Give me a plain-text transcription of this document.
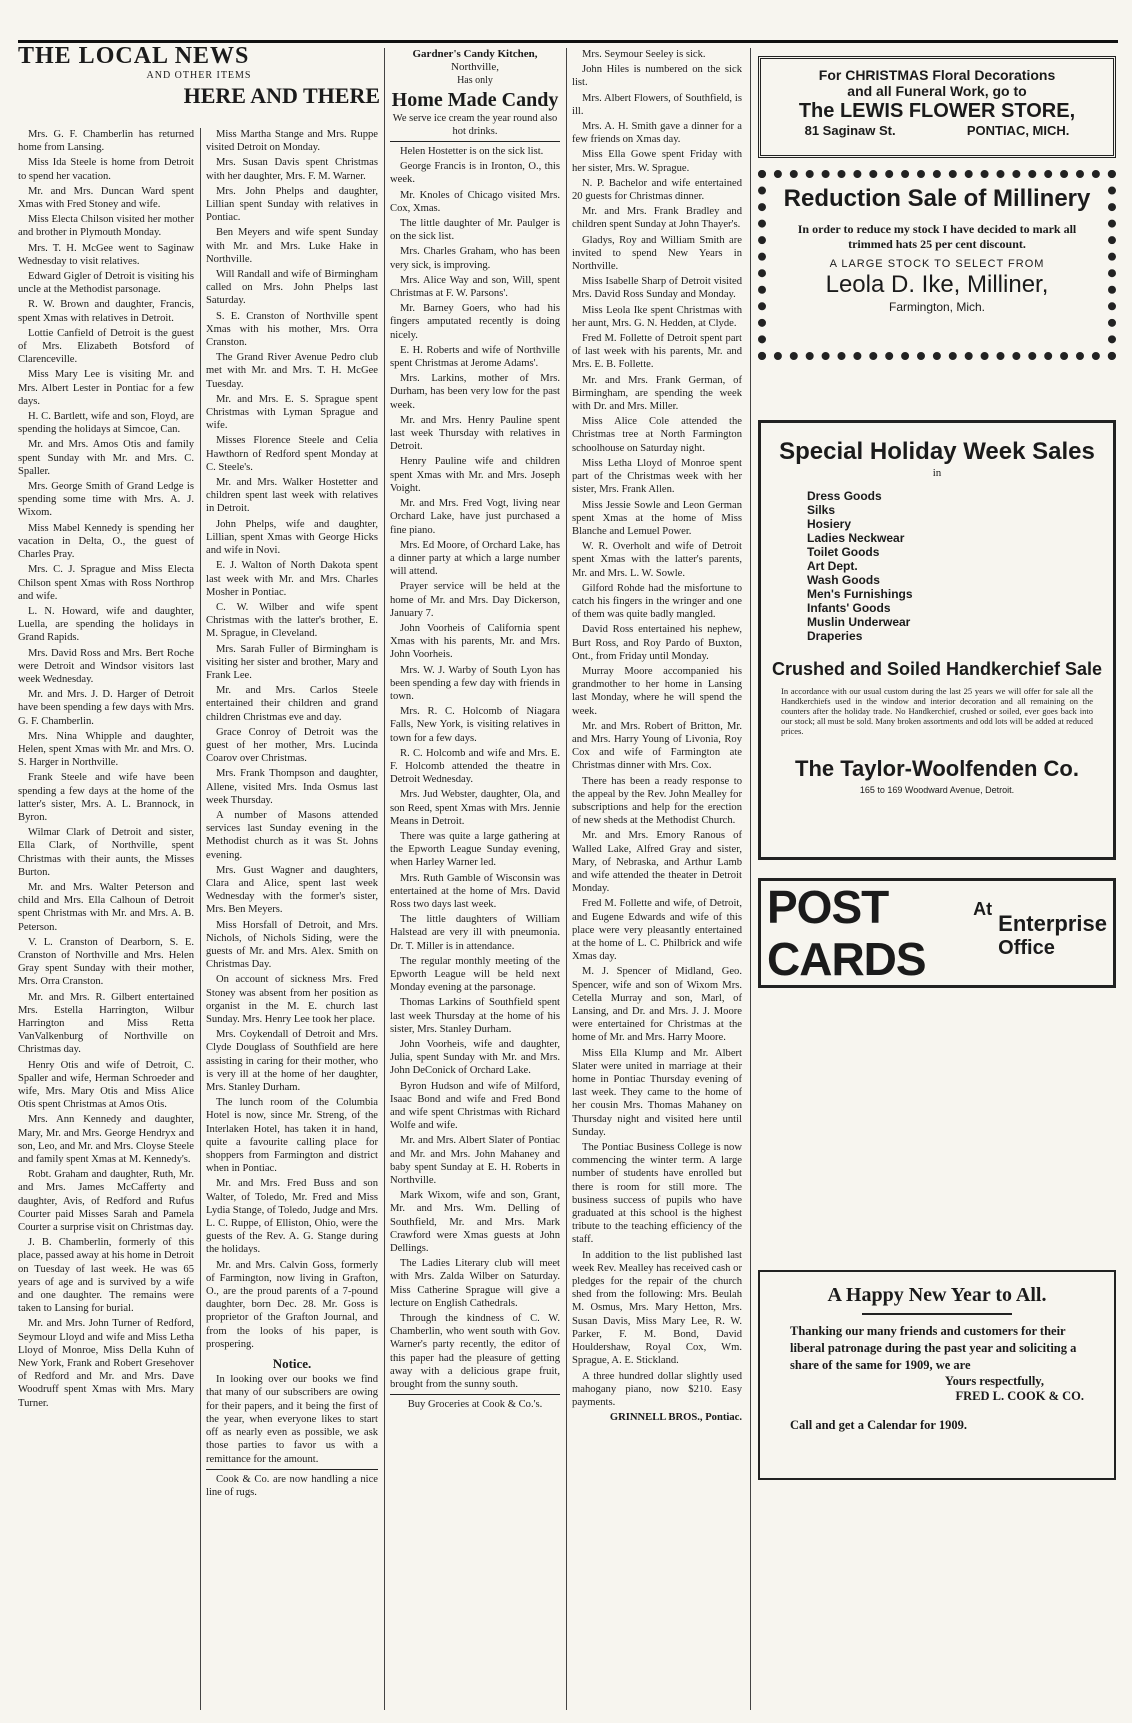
THE LOCAL NEWS

AND OTHER ITEMS

HERE AND THERE

Mrs. G. F. Chamberlin has returned home from Lansing.

Miss Ida Steele is home from Detroit to spend her vacation.

Mr. and Mrs. Duncan Ward spent Xmas with Fred Stoney and wife.

Miss Electa Chilson visited her mother and brother in Plymouth Monday.

Mrs. T. H. McGee went to Saginaw Wednesday to visit relatives.

Edward Gigler of Detroit is visiting his uncle at the Methodist parsonage.

R. W. Brown and daughter, Francis, spent Xmas with relatives in Detroit.

Lottie Canfield of Detroit is the guest of Mrs. Elizabeth Botsford of Clarenceville.

Miss Mary Lee is visiting Mr. and Mrs. Albert Lester in Pontiac for a few days.

H. C. Bartlett, wife and son, Floyd, are spending the holidays at Simcoe, Can.

Mr. and Mrs. Amos Otis and family spent Sunday with Mr. and Mrs. C. Spaller.

Mrs. George Smith of Grand Ledge is spending some time with Mrs. A. J. Wixom.

Miss Mabel Kennedy is spending her vacation in Delta, O., the guest of Charles Pray.

Mrs. C. J. Sprague and Miss Electa Chilson spent Xmas with Ross Northrop and wife.

L. N. Howard, wife and daughter, Luella, are spending the holidays in Grand Rapids.

Mrs. David Ross and Mrs. Bert Roche were Detroit and Windsor visitors last week Wednesday.

Mr. and Mrs. J. D. Harger of Detroit have been spending a few days with Mrs. G. F. Chamberlin.

Mrs. Nina Whipple and daughter, Helen, spent Xmas with Mr. and Mrs. O. S. Harger in Northville.

Frank Steele and wife have been spending a few days at the home of the latter's sister, Mrs. A. L. Brannock, in Byron.

Wilmar Clark of Detroit and sister, Ella Clark, of Northville, spent Christmas with their aunts, the Misses Burton.

Mr. and Mrs. Walter Peterson and child and Mrs. Ella Calhoun of Detroit spent Christmas with Mr. and Mrs. A. B. Peterson.

V. L. Cranston of Dearborn, S. E. Cranston of Northville and Mrs. Helen Gray spent Sunday with their mother, Mrs. Orra Cranston.

Mr. and Mrs. R. Gilbert entertained Mrs. Estella Harrington, Wilbur Harrington and Miss Retta VanValkenburg of Northville on Christmas day.

Henry Otis and wife of Detroit, C. Spaller and wife, Herman Schroeder and wife, Mrs. Mary Otis and Miss Alice Otis spent Christmas at Amos Otis.

Mrs. Ann Kennedy and daughter, Mary, Mr. and Mrs. George Hendryx and son, Leo, and Mr. and Mrs. Cloyse Steele and family spent Xmas at M. Kennedy's.

Robt. Graham and daughter, Ruth, Mr. and Mrs. James McCafferty and daughter, Avis, of Redford and Rufus Courter paid Misses Sarah and Pamela Courter a surprise visit on Christmas day.

J. B. Chamberlin, formerly of this place, passed away at his home in Detroit on Tuesday of last week. He was 65 years of age and is survived by a wife and one daughter. The remains were taken to Lansing for burial.

Mr. and Mrs. John Turner of Redford, Seymour Lloyd and wife and Miss Letha Lloyd of Monroe, Miss Della Kuhn of New York, Frank and Robert Gresehover of Redford and Mr. and Mrs. Dave Woodruff spent Xmas with Mrs. Mary Turner.

Miss Martha Stange and Mrs. Ruppe visited Detroit on Monday.

Mrs. Susan Davis spent Christmas with her daughter, Mrs. F. M. Warner.

Mrs. John Phelps and daughter, Lillian spent Sunday with relatives in Pontiac.

Ben Meyers and wife spent Sunday with Mr. and Mrs. Luke Hake in Northville.

Will Randall and wife of Birmingham called on Mrs. John Phelps last Saturday.

S. E. Cranston of Northville spent Xmas with his mother, Mrs. Orra Cranston.

The Grand River Avenue Pedro club met with Mr. and Mrs. T. H. McGee Tuesday.

Mr. and Mrs. E. S. Sprague spent Christmas with Lyman Sprague and wife.

Misses Florence Steele and Celia Hawthorn of Redford spent Monday at C. Steele's.

Mr. and Mrs. Walker Hostetter and children spent last week with relatives in Detroit.

John Phelps, wife and daughter, Lillian, spent Xmas with George Hicks and wife in Novi.

E. J. Walton of North Dakota spent last week with Mr. and Mrs. Charles Mosher in Pontiac.

C. W. Wilber and wife spent Christmas with the latter's brother, E. M. Sprague, in Cleveland.

Mrs. Sarah Fuller of Birmingham is visiting her sister and brother, Mary and Frank Lee.

Mr. and Mrs. Carlos Steele entertained their children and grand children Christmas eve and day.

Grace Conroy of Detroit was the guest of her mother, Mrs. Lucinda Coarov over Christmas.

Mrs. Frank Thompson and daughter, Allene, visited Mrs. Inda Osmus last week Thursday.

A number of Masons attended services last Sunday evening in the Methodist church as it was St. Johns evening.

Mrs. Gust Wagner and daughters, Clara and Alice, spent last week Wednesday with the former's sister, Mrs. Ben Meyers.

Miss Horsfall of Detroit, and Mrs. Nichols, of Nichols Siding, were the guests of Mr. and Mrs. Alex. Smith on Christmas Day.

On account of sickness Mrs. Fred Stoney was absent from her position as organist in the M. E. church last Sunday. Mrs. Henry Lee took her place.

Mrs. Coykendall of Detroit and Mrs. Clyde Douglass of Southfield are here assisting in caring for their mother, who is very ill at the home of her daughter, Mrs. Stanley Durham.

The lunch room of the Columbia Hotel is now, since Mr. Streng, of the Interlaken Hotel, has taken it in hand, quite a favourite calling place for shoppers from Farmington and district when in Pontiac.

Mr. and Mrs. Fred Buss and son Walter, of Toledo, Mr. Fred and Miss Lydia Stange, of Toledo, Judge and Mrs. L. C. Ruppe, of Elliston, Ohio, were the guests of the Rev. A. G. Stange during the holidays.

Mr. and Mrs. Calvin Goss, formerly of Farmington, now living in Grafton, O., are the proud parents of a 7-pound daughter, born Dec. 28. Mr. Goss is proprietor of the Grafton Journal, and from the looks of his paper, is prospering.

Notice.

In looking over our books we find that many of our subscribers are owing for their papers, and it being the first of the year, when everyone likes to start off as nearly even as possible, we ask those parties to favor us with a remittance for the amount.

Cook & Co. are now handling a nice line of rugs.

Gardner's Candy Kitchen,
Northville,
Has only
Home Made Candy
We serve ice cream the year round also hot drinks.

Helen Hostetter is on the sick list.

George Francis is in Ironton, O., this week.

Mr. Knoles of Chicago visited Mrs. Cox, Xmas.

The little daughter of Mr. Paulger is on the sick list.

Mrs. Charles Graham, who has been very sick, is improving.

Mrs. Alice Way and son, Will, spent Christmas at F. W. Parsons'.

Mr. Barney Goers, who had his fingers amputated recently is doing nicely.

E. H. Roberts and wife of Northville spent Christmas at Jerome Adams'.

Mrs. Larkins, mother of Mrs. Durham, has been very low for the past week.

Mr. and Mrs. Henry Pauline spent last week Thursday with relatives in Detroit.

Henry Pauline wife and children spent Xmas with Mr. and Mrs. Joseph Voight.

Mr. and Mrs. Fred Vogt, living near Orchard Lake, have just purchased a fine piano.

Mrs. Ed Moore, of Orchard Lake, has a dinner party at which a large number will attend.

Prayer service will be held at the home of Mr. and Mrs. Day Dickerson, January 7.

John Voorheis of California spent Xmas with his parents, Mr. and Mrs. John Voorheis.

Mrs. W. J. Warby of South Lyon has been spending a few day with friends in town.

Mrs. R. C. Holcomb of Niagara Falls, New York, is visiting relatives in town for a few days.

R. C. Holcomb and wife and Mrs. E. F. Holcomb attended the theatre in Detroit Wednesday.

Mrs. Jud Webster, daughter, Ola, and son Reed, spent Xmas with Mrs. Jennie Means in Detroit.

There was quite a large gathering at the Epworth League Sunday evening, when Harley Warner led.

Mrs. Ruth Gamble of Wisconsin was entertained at the home of Mrs. David Ross two days last week.

The little daughters of William Halstead are very ill with pneumonia. Dr. T. Miller is in attendance.

The regular monthly meeting of the Epworth League will be held next Monday evening at the parsonage.

Thomas Larkins of Southfield spent last week Thursday at the home of his sister, Mrs. Stanley Durham.

John Voorheis, wife and daughter, Julia, spent Sunday with Mr. and Mrs. John DeConick of Orchard Lake.

Byron Hudson and wife of Milford, Isaac Bond and wife and Fred Bond and wife spent Christmas with Richard Wolfe and wife.

Mr. and Mrs. Albert Slater of Pontiac and Mr. and Mrs. John Mahaney and baby spent Sunday at E. H. Roberts in Northville.

Mark Wixom, wife and son, Grant, Mr. and Mrs. Wm. Delling of Southfield, Mr. and Mrs. Mark Crawford were Xmas guests at John Dellings.

The Ladies Literary club will meet with Mrs. Zalda Wilber on Saturday. Miss Catherine Sprague will give a lecture on English Cathedrals.

Through the kindness of C. W. Chamberlin, who went south with Gov. Warner's party recently, the editor of this paper had the pleasure of getting away with a delicious grape fruit, brought from the sunny south.

Buy Groceries at Cook & Co.'s.

Mrs. Seymour Seeley is sick.

John Hiles is numbered on the sick list.

Mrs. Albert Flowers, of Southfield, is ill.

Mrs. A. H. Smith gave a dinner for a few friends on Xmas day.

Miss Ella Gowe spent Friday with her sister, Mrs. W. Sprague.

N. P. Bachelor and wife entertained 20 guests for Christmas dinner.

Mr. and Mrs. Frank Bradley and children spent Sunday at John Thayer's.

Gladys, Roy and William Smith are invited to spend New Years in Northville.

Miss Isabelle Sharp of Detroit visited Mrs. David Ross Sunday and Monday.

Miss Leola Ike spent Christmas with her aunt, Mrs. G. N. Hedden, at Clyde.

Fred M. Follette of Detroit spent part of last week with his parents, Mr. and Mrs. E. B. Follette.

Mr. and Mrs. Frank German, of Birmingham, are spending the week with Dr. and Mrs. Miller.

Miss Alice Cole attended the Christmas tree at North Farmington schoolhouse on Saturday night.

Miss Letha Lloyd of Monroe spent part of the Christmas week with her sister, Mrs. Frank Allen.

Miss Jessie Sowle and Leon German spent Xmas at the home of Miss Blanche and Lemuel Power.

W. R. Overholt and wife of Detroit spent Xmas with the latter's parents, Mr. and Mrs. L. W. Sowle.

Gilford Rohde had the misfortune to catch his fingers in the wringer and one of them was quite badly mangled.

David Ross entertained his nephew, Burt Ross, and Roy Pardo of Buxton, Ont., from Friday until Monday.

Murray Moore accompanied his grandmother to her home in Lansing last Monday, where he will spend the week.

Mr. and Mrs. Robert of Britton, Mr. and Mrs. Harry Young of Livonia, Roy Cox and wife of Farmington ate Christmas dinner with Mrs. Cox.

There has been a ready response to the appeal by the Rev. John Mealley for subscriptions and help for the erection of new sheds at the Methodist Church.

Mr. and Mrs. Emory Ranous of Walled Lake, Alfred Gray and sister, Mary, of Nebraska, and Arthur Lamb and wife attended the theater in Detroit Monday.

Fred M. Follette and wife, of Detroit, and Eugene Edwards and wife of this place were very pleasantly entertained at the home of L. C. Philbrick and wife Xmas day.

M. J. Spencer of Midland, Geo. Spencer, wife and son of Wixom Mrs. Cetella Murray and son, Marl, of Lansing, and Dr. and Mrs. J. J. Moore were entertained for Christmas at the home of Mr. and Mrs. Harry Moore.

Miss Ella Klump and Mr. Albert Slater were united in marriage at their home in Pontiac Thursday evening of last week. They came to the home of her cousin Mrs. Thomas Mahaney on Thursday night and visited here until Sunday.

The Pontiac Business College is now commencing the winter term. A large number of students have enrolled but there is room for still more. The business success of pupils who have graduated at this school is the highest tribute to the teaching efficiency of the staff.

In addition to the list published last week Rev. Mealley has received cash or pledges for the repair of the church shed from the following: Mrs. Beulah M. Osmus, Mrs. Mary Hetton, Mrs. Susan Davis, Miss Mary Lee, R. W. Parker, F. M. Bond, David Houldershaw, Royal Cox, Wm. Sprague, A. E. Stickland.

A three hundred dollar slightly used mahogany piano, now $210. Easy payments.

GRINNELL BROS., Pontiac.

For CHRISTMAS Floral Decorations
and all Funeral Work, go to
The LEWIS FLOWER STORE,
81 Saginaw St.	PONTIAC, MICH.
Reduction Sale of Millinery
In order to reduce my stock I have decided to mark all trimmed hats 25 per cent discount.
A LARGE STOCK TO SELECT FROM
Leola D. Ike, Milliner,
Farmington, Mich.
Special Holiday Week Sales
in
Dress Goods
Silks
Hosiery
Ladies Neckwear
Toilet Goods
Art Dept.
Wash Goods
Men's Furnishings
Infants' Goods
Muslin Underwear
Draperies
Crushed and Soiled Handkerchief Sale
In accordance with our usual custom during the last 25 years we will offer for sale all the Handkerchiefs used in the window and interior decoration and all remaining on the counters after the holiday trade. No Handkerchief, crushed or soiled, ever goes back into our stock; all must be sold. Many broken assortments and odd lots will be added at reduced prices.
The Taylor-Woolfenden Co.
165 to 169 Woodward Avenue, Detroit.
POST CARDS
At
Enterprise
Office
A Happy New Year to All.
Thanking our many friends and customers for their liberal patronage during the past year and soliciting a share of the same for 1909, we are
Yours respectfully,
FRED L. COOK & CO.
Call and get a Calendar for 1909.
